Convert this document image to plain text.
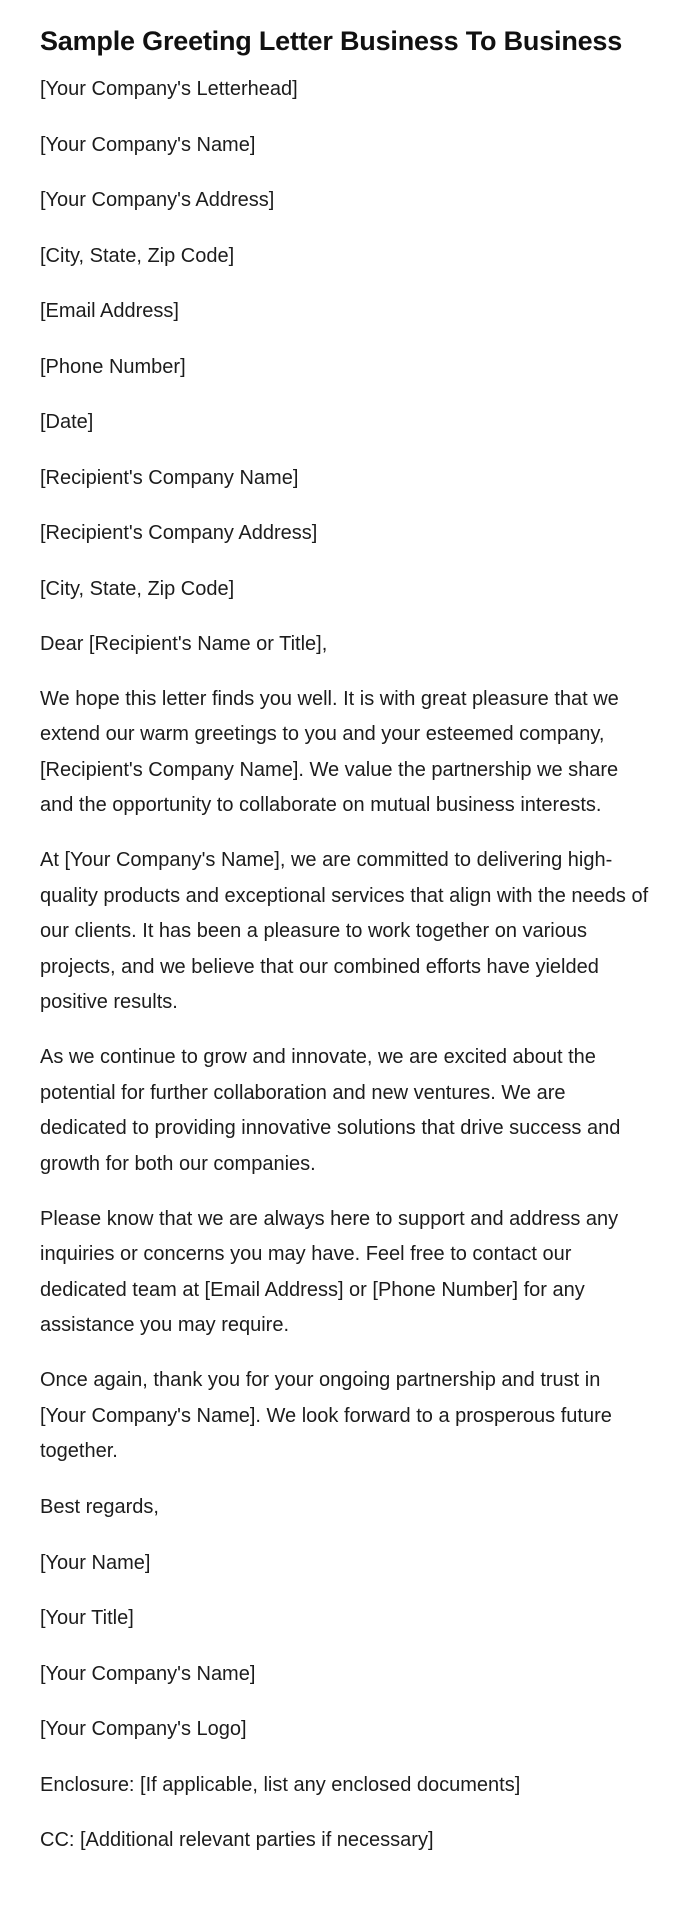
Sample Greeting Letter Business To Business

[Your Company's Letterhead]

[Your Company's Name]

[Your Company's Address]

[City, State, Zip Code]

[Email Address]

[Phone Number]

[Date]

[Recipient's Company Name]

[Recipient's Company Address]

[City, State, Zip Code]

Dear [Recipient's Name or Title],

We hope this letter finds you well. It is with great pleasure that we extend our warm greetings to you and your esteemed company, [Recipient's Company Name]. We value the partnership we share and the opportunity to collaborate on mutual business interests.

At [Your Company's Name], we are committed to delivering high-quality products and exceptional services that align with the needs of our clients. It has been a pleasure to work together on various projects, and we believe that our combined efforts have yielded positive results.

As we continue to grow and innovate, we are excited about the potential for further collaboration and new ventures. We are dedicated to providing innovative solutions that drive success and growth for both our companies.

Please know that we are always here to support and address any inquiries or concerns you may have. Feel free to contact our dedicated team at [Email Address] or [Phone Number] for any assistance you may require.

Once again, thank you for your ongoing partnership and trust in [Your Company's Name]. We look forward to a prosperous future together.

Best regards,

[Your Name]

[Your Title]

[Your Company's Name]

[Your Company's Logo]

Enclosure: [If applicable, list any enclosed documents]

CC: [Additional relevant parties if necessary]
